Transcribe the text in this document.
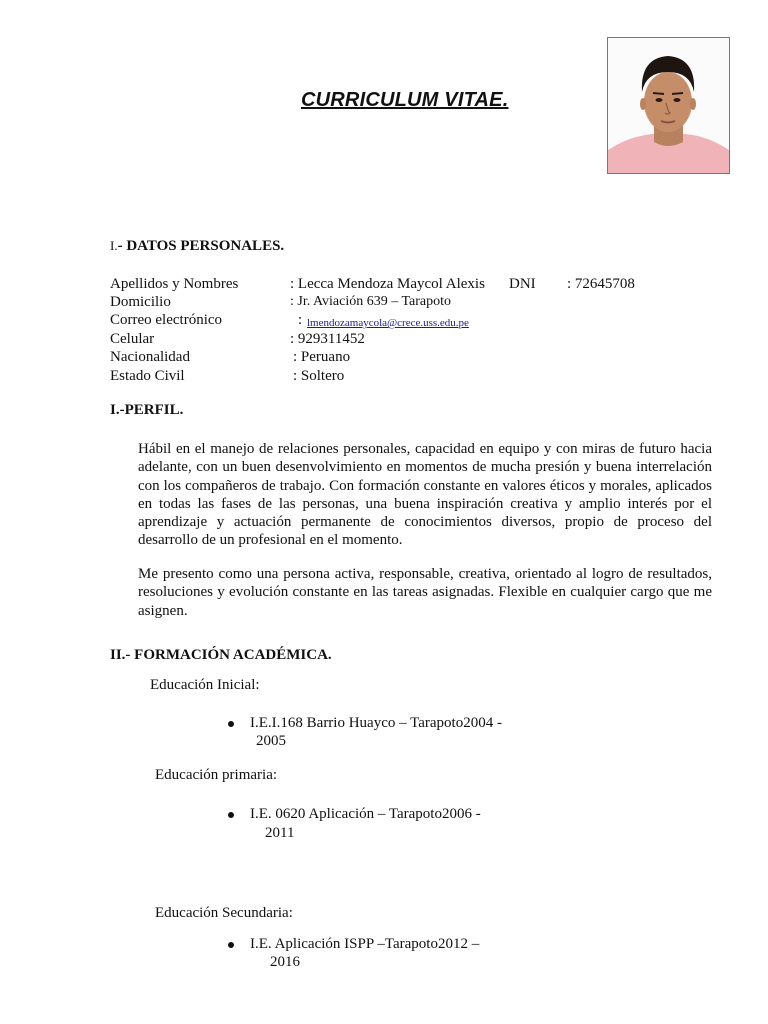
CURRICULUM VITAE.
I.- DATOS PERSONALES.
Apellidos y Nombres	: Lecca Mendoza Maycol Alexis DNI : 72645708
Domicilio	: Jr. Aviación 639 – Tarapoto
Correo electrónico	: lmendozamaycola@crece.uss.edu.pe
Celular	: 929311452
Nacionalidad	: Peruano
Estado Civil	: Soltero
I.-PERFIL.
Hábil en el manejo de relaciones personales, capacidad en equipo y con miras de futuro hacia adelante, con un buen desenvolvimiento en momentos de mucha presión y buena interrelación con los compañeros de trabajo. Con formación constante en valores éticos y morales, aplicados en todas las fases de las personas, una buena inspiración creativa y amplio interés por el aprendizaje y actuación permanente de conocimientos diversos, propio de proceso del desarrollo de un profesional en el momento.
Me presento como una persona activa, responsable, creativa, orientado al logro de resultados, resoluciones y evolución constante en las tareas asignadas. Flexible en cualquier cargo que me asignen.
II.- FORMACIÓN ACADÉMICA.
Educación Inicial:
I.E.I.168 Barrio Huayco – Tarapoto2004 -
2005
Educación primaria:
I.E. 0620 Aplicación – Tarapoto2006 -
2011
Educación Secundaria:
I.E. Aplicación ISPP –Tarapoto2012 –
2016
